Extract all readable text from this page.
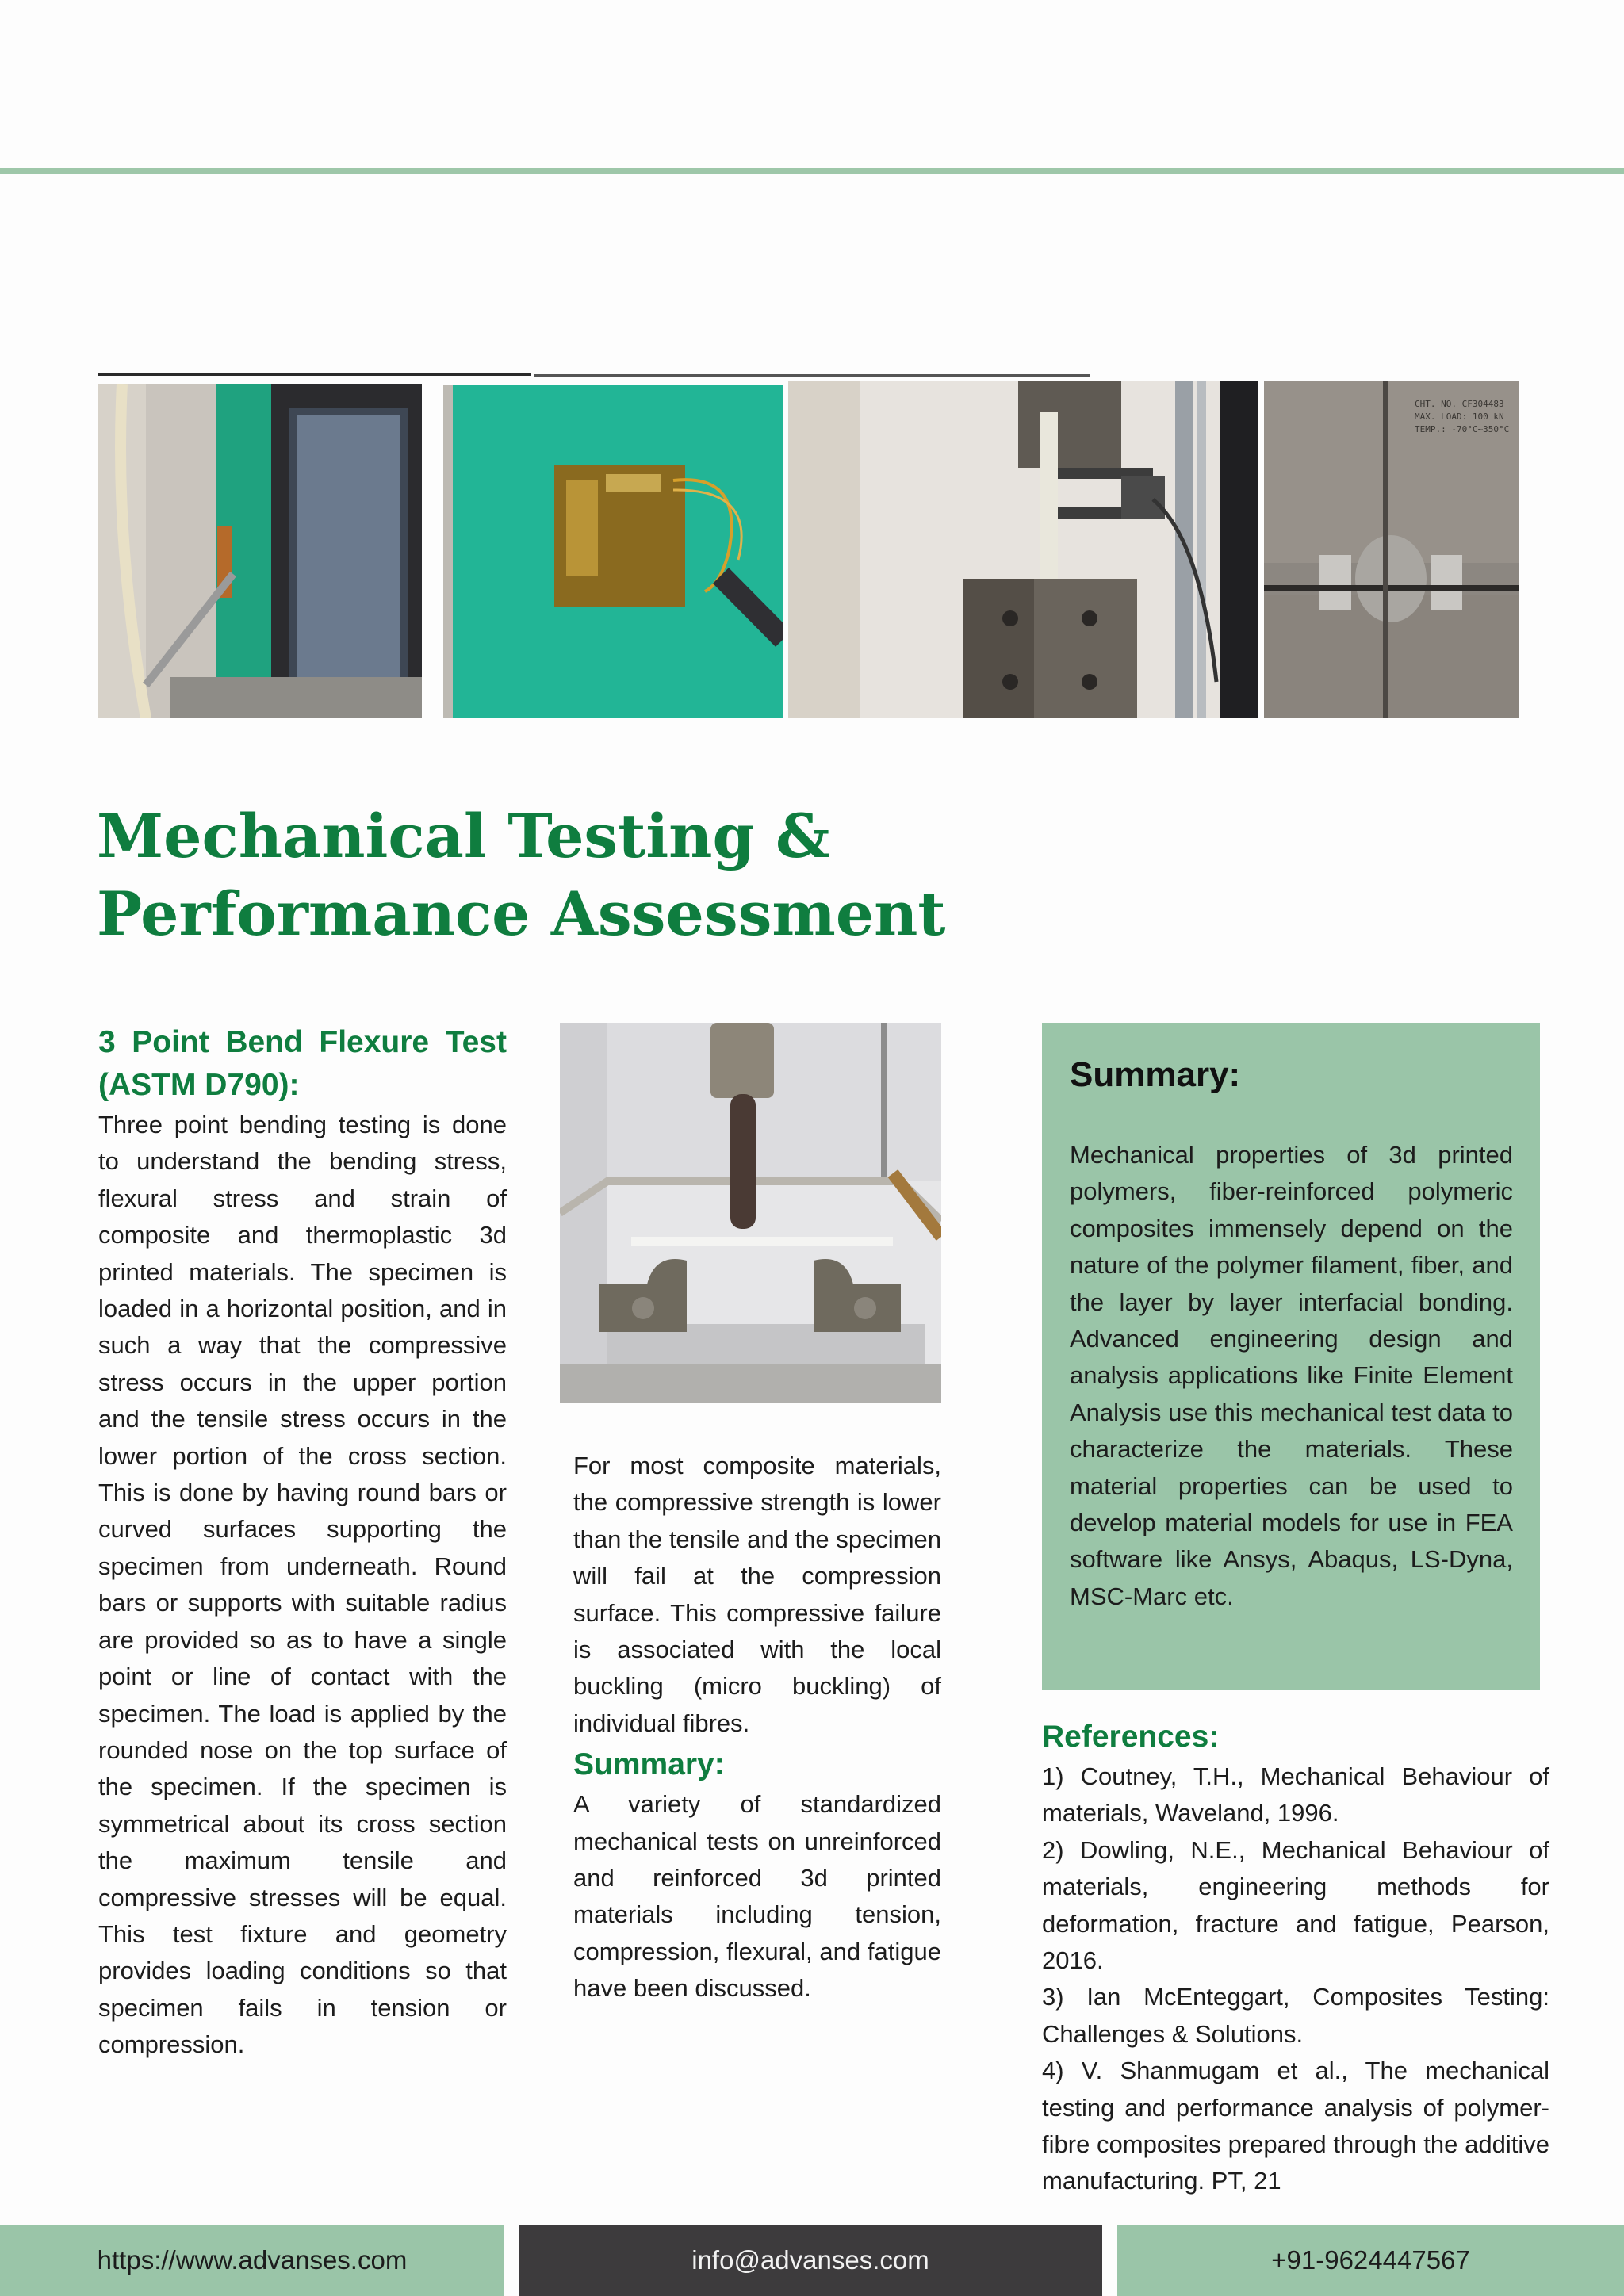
CHT. NO. CF304483
MAX. LOAD: 100 kN
TEMP.: -70°C~350°C
Mechanical Testing &
Performance Assessment
3 Point Bend Flexure Test (ASTM D790):

Three point bending testing is done to understand the bending stress, flexural stress and strain of composite and thermoplastic 3d printed materials. The specimen is loaded in a horizontal position, and in such a way that the compressive stress occurs in the upper portion and the tensile stress occurs in the lower portion of the cross section. This is done by having round bars or curved surfaces supporting the specimen from underneath. Round bars or supports with suitable radius are provided so as to have a single point or line of contact with the specimen. The load is applied by the rounded nose on the top surface of the specimen. If the specimen is symmetrical about its cross section the maximum tensile and compressive stresses will be equal. This test fixture and geometry provides loading conditions so that specimen fails in tension or compression.

For most composite materials, the compressive strength is lower than the tensile and the specimen will fail at the compression surface. This compressive failure is associated with the local buckling (micro buckling) of individual fibres.

Summary:

A variety of standardized mechanical tests on unreinforced and reinforced 3d printed materials including tension, compression, flexural, and fatigue have been discussed.

Summary:

Mechanical properties of 3d printed polymers, fiber-reinforced polymeric composites immensely depend on the nature of the polymer filament, fiber, and the layer by layer interfacial bonding. Advanced engineering design and analysis applications like Finite Element Analysis use this mechanical test data to characterize the materials. These material properties can be used to develop material models for use in FEA software like Ansys, Abaqus, LS-Dyna, MSC-Marc etc.

References:

1) Coutney, T.H., Mechanical Behaviour of materials, Waveland, 1996.

2) Dowling, N.E., Mechanical Behaviour of materials, engineering methods for deformation, fracture and fatigue, Pearson, 2016.

3) Ian McEnteggart, Composites Testing: Challenges & Solutions.

4) V. Shanmugam et al., The mechanical testing and performance analysis of polymer-fibre composites prepared through the additive manufacturing. PT, 21

https://www.advanses.com	info@advanses.com	+91-9624447567
